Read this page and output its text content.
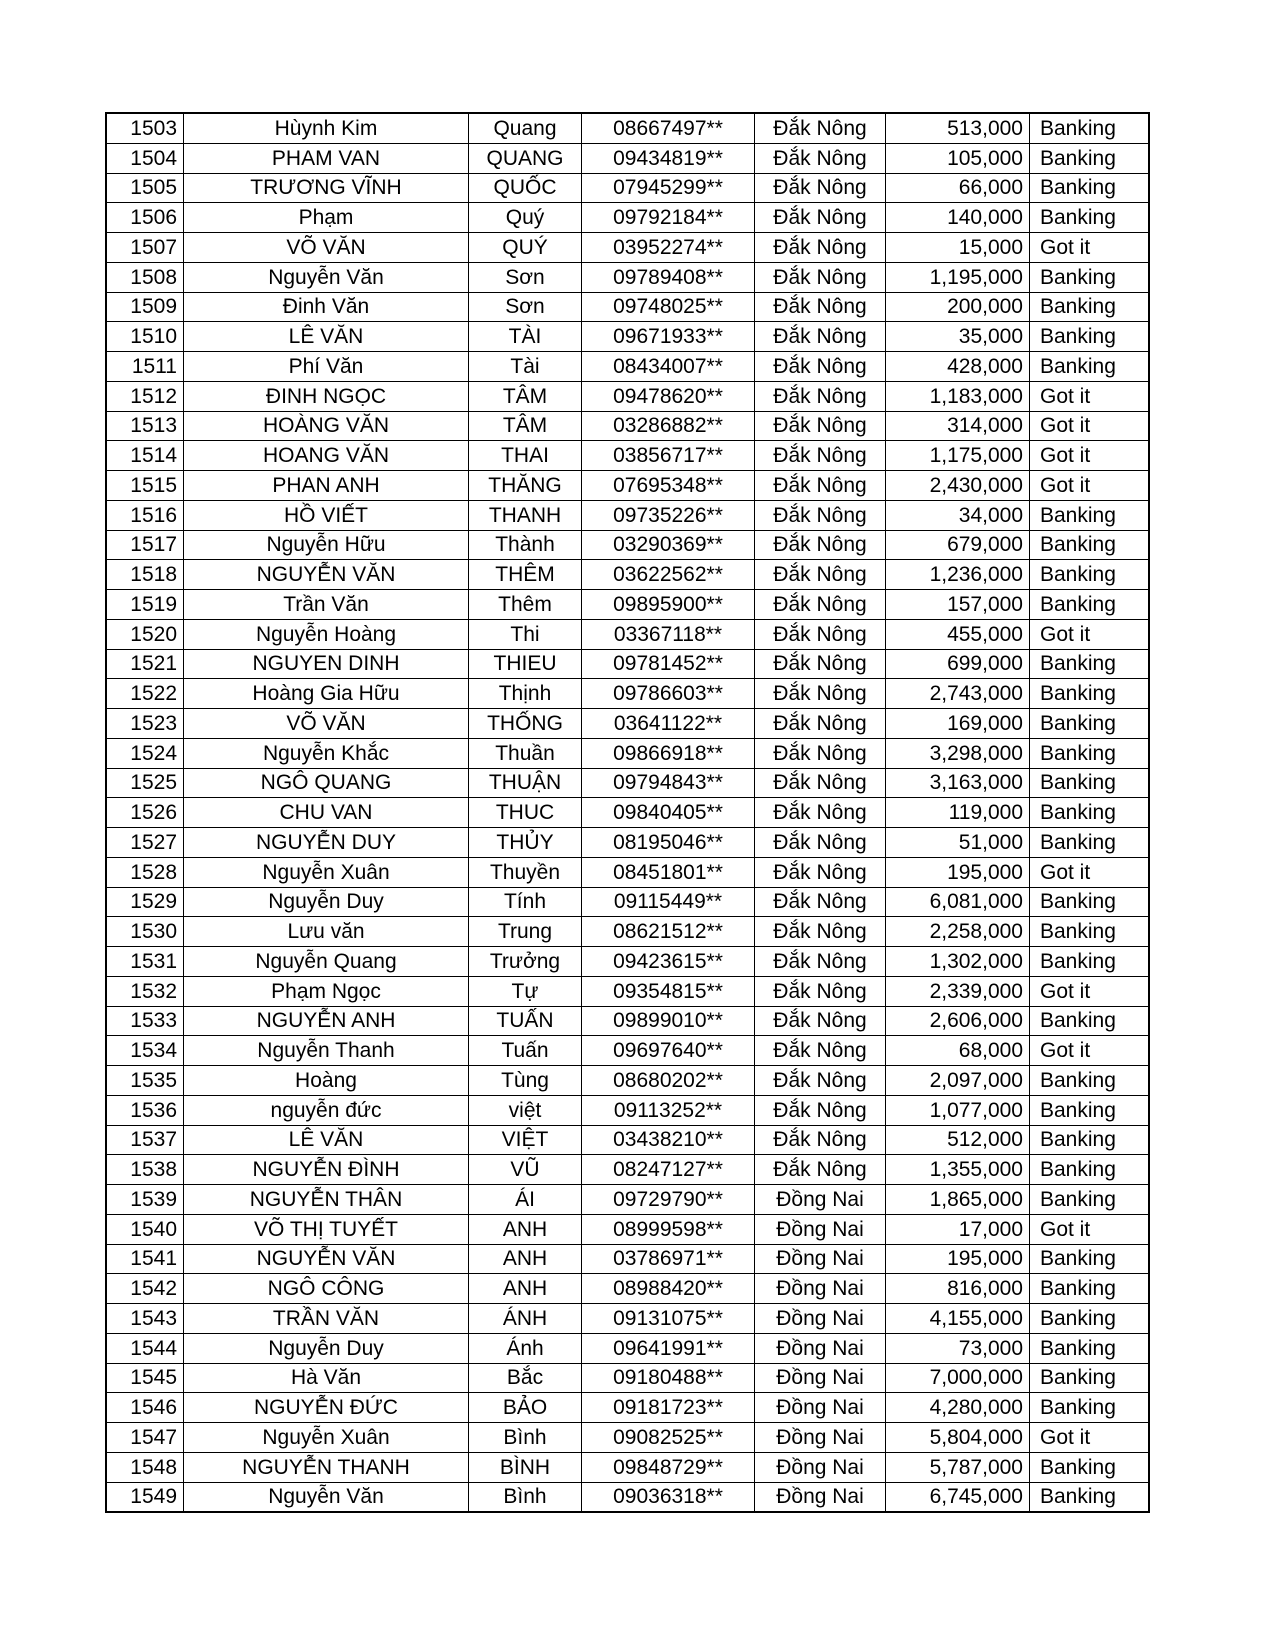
1503	Hùynh Kim	Quang	08667497**	Đắk Nông	513,000	Banking
1504	PHAM VAN	QUANG	09434819**	Đắk Nông	105,000	Banking
1505	TRƯƠNG VĨNH	QUỐC	07945299**	Đắk Nông	66,000	Banking
1506	Phạm	Quý	09792184**	Đắk Nông	140,000	Banking
1507	VÕ VĂN	QUÝ	03952274**	Đắk Nông	15,000	Got it
1508	Nguyễn Văn	Sơn	09789408**	Đắk Nông	1,195,000	Banking
1509	Đinh Văn	Sơn	09748025**	Đắk Nông	200,000	Banking
1510	LÊ VĂN	TÀI	09671933**	Đắk Nông	35,000	Banking
1511	Phí Văn	Tài	08434007**	Đắk Nông	428,000	Banking
1512	ĐINH NGỌC	TÂM	09478620**	Đắk Nông	1,183,000	Got it
1513	HOÀNG VĂN	TÂM	03286882**	Đắk Nông	314,000	Got it
1514	HOANG VĂN	THAI	03856717**	Đắk Nông	1,175,000	Got it
1515	PHAN ANH	THĂNG	07695348**	Đắk Nông	2,430,000	Got it
1516	HỒ VIẾT	THANH	09735226**	Đắk Nông	34,000	Banking
1517	Nguyễn Hữu	Thành	03290369**	Đắk Nông	679,000	Banking
1518	NGUYỄN VĂN	THÊM	03622562**	Đắk Nông	1,236,000	Banking
1519	Trần Văn	Thêm	09895900**	Đắk Nông	157,000	Banking
1520	Nguyễn Hoàng	Thi	03367118**	Đắk Nông	455,000	Got it
1521	NGUYEN DINH	THIEU	09781452**	Đắk Nông	699,000	Banking
1522	Hoàng Gia Hữu	Thịnh	09786603**	Đắk Nông	2,743,000	Banking
1523	VÕ VĂN	THỐNG	03641122**	Đắk Nông	169,000	Banking
1524	Nguyễn Khắc	Thuần	09866918**	Đắk Nông	3,298,000	Banking
1525	NGÔ QUANG	THUẬN	09794843**	Đắk Nông	3,163,000	Banking
1526	CHU VAN	THUC	09840405**	Đắk Nông	119,000	Banking
1527	NGUYỄN DUY	THỦY	08195046**	Đắk Nông	51,000	Banking
1528	Nguyễn Xuân	Thuyền	08451801**	Đắk Nông	195,000	Got it
1529	Nguyễn Duy	Tính	09115449**	Đắk Nông	6,081,000	Banking
1530	Lưu văn	Trung	08621512**	Đắk Nông	2,258,000	Banking
1531	Nguyễn Quang	Trưởng	09423615**	Đắk Nông	1,302,000	Banking
1532	Phạm Ngọc	Tự	09354815**	Đắk Nông	2,339,000	Got it
1533	NGUYỄN ANH	TUẤN	09899010**	Đắk Nông	2,606,000	Banking
1534	Nguyễn Thanh	Tuấn	09697640**	Đắk Nông	68,000	Got it
1535	Hoàng	Tùng	08680202**	Đắk Nông	2,097,000	Banking
1536	nguyễn đức	việt	09113252**	Đắk Nông	1,077,000	Banking
1537	LÊ VĂN	VIỆT	03438210**	Đắk Nông	512,000	Banking
1538	NGUYỄN ĐÌNH	VŨ	08247127**	Đắk Nông	1,355,000	Banking
1539	NGUYỄN THÂN	ÁI	09729790**	Đồng Nai	1,865,000	Banking
1540	VÕ THỊ TUYẾT	ANH	08999598**	Đồng Nai	17,000	Got it
1541	NGUYỄN VĂN	ANH	03786971**	Đồng Nai	195,000	Banking
1542	NGÔ CÔNG	ANH	08988420**	Đồng Nai	816,000	Banking
1543	TRẦN VĂN	ÁNH	09131075**	Đồng Nai	4,155,000	Banking
1544	Nguyễn Duy	Ánh	09641991**	Đồng Nai	73,000	Banking
1545	Hà Văn	Bắc	09180488**	Đồng Nai	7,000,000	Banking
1546	NGUYỄN ĐỨC	BẢO	09181723**	Đồng Nai	4,280,000	Banking
1547	Nguyễn Xuân	Bình	09082525**	Đồng Nai	5,804,000	Got it
1548	NGUYỄN THANH	BÌNH	09848729**	Đồng Nai	5,787,000	Banking
1549	Nguyễn Văn	Bình	09036318**	Đồng Nai	6,745,000	Banking
